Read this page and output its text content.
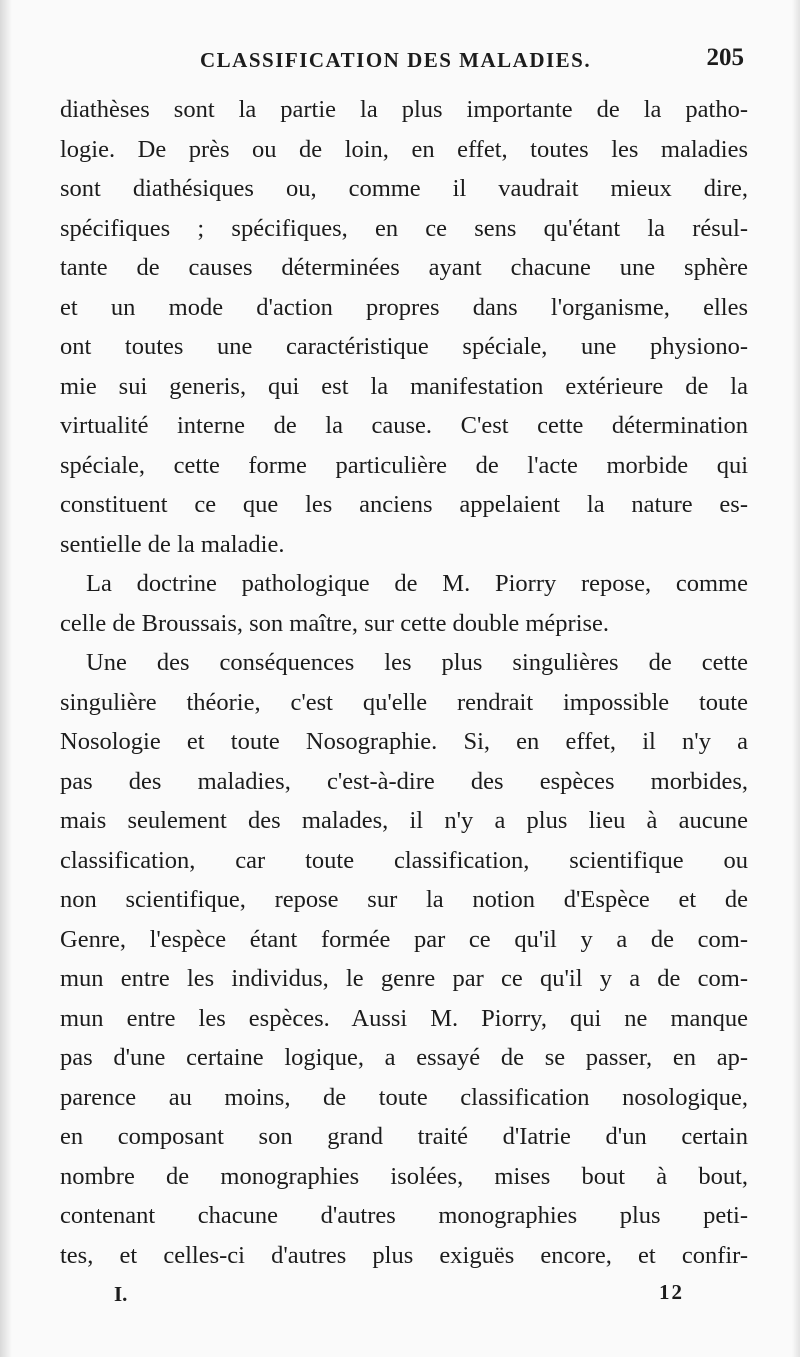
CLASSIFICATION DES MALADIES.	205
diathèses sont la partie la plus importante de la patho-
logie. De près ou de loin, en effet, toutes les maladies
sont diathésiques ou, comme il vaudrait mieux dire,
spécifiques ; spécifiques, en ce sens qu'étant la résul-
tante de causes déterminées ayant chacune une sphère
et un mode d'action propres dans l'organisme, elles
ont toutes une caractéristique spéciale, une physiono-
mie sui generis, qui est la manifestation extérieure de la
virtualité interne de la cause. C'est cette détermination
spéciale, cette forme particulière de l'acte morbide qui
constituent ce que les anciens appelaient la nature es-
sentielle de la maladie.
La doctrine pathologique de M. Piorry repose, comme
celle de Broussais, son maître, sur cette double méprise.
Une des conséquences les plus singulières de cette
singulière théorie, c'est qu'elle rendrait impossible toute
Nosologie et toute Nosographie. Si, en effet, il n'y a
pas des maladies, c'est-à-dire des espèces morbides,
mais seulement des malades, il n'y a plus lieu à aucune
classification, car toute classification, scientifique ou
non scientifique, repose sur la notion d'Espèce et de
Genre, l'espèce étant formée par ce qu'il y a de com-
mun entre les individus, le genre par ce qu'il y a de com-
mun entre les espèces. Aussi M. Piorry, qui ne manque
pas d'une certaine logique, a essayé de se passer, en ap-
parence au moins, de toute classification nosologique,
en composant son grand traité d'Iatrie d'un certain
nombre de monographies isolées, mises bout à bout,
contenant chacune d'autres monographies plus peti-
tes, et celles-ci d'autres plus exiguës encore, et confir-
I.	12
